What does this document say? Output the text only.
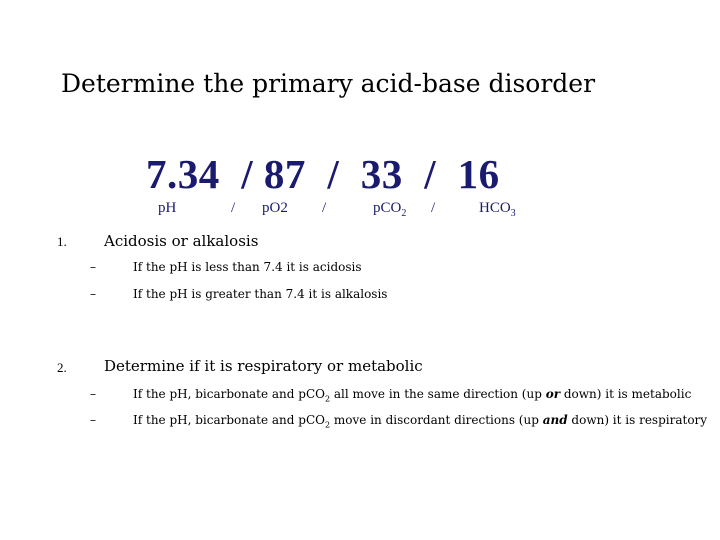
Determine the primary acid-base disorder
7.34  / 87  /  33  /  16
pH	/ pO2 /	pCO$_2$ /	$HCO_3$
1. Acidosis or alkalosis
–	If the pH is less than 7.4 it is acidosis
–	If the pH is greater than 7.4 it is alkalosis
2. Determine if it is respiratory or metabolic
–	If the pH, bicarbonate and pCO$_2$ all move in the same direction (up or down) it is metabolic
–	If the pH, bicarbonate and pCO$_2$ move in discordant directions (up and down) it is respiratory
